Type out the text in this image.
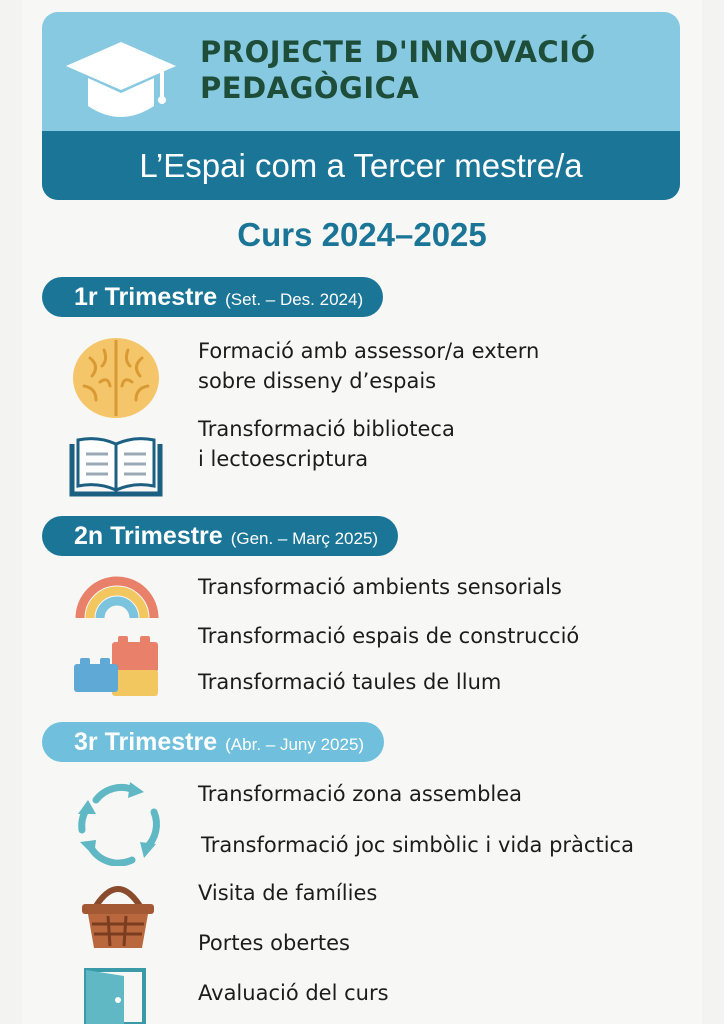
PROJECTE D'INNOVACIÓ
PEDAGÒGICA
L’Espai com a Tercer mestre/a
Curs 2024–2025
1r Trimestre (Set. – Des. 2024)
Formació amb assessor/a extern
sobre disseny d’espais
Transformació biblioteca
i lectoescriptura
2n Trimestre (Gen. – Març 2025)
Transformació ambients sensorials
Transformació espais de construcció
Transformació taules de llum
3r Trimestre (Abr. – Juny 2025)
Transformació zona assemblea
Transformació joc simbòlic i vida pràctica
Visita de famílies
Portes obertes
Avaluació del curs
